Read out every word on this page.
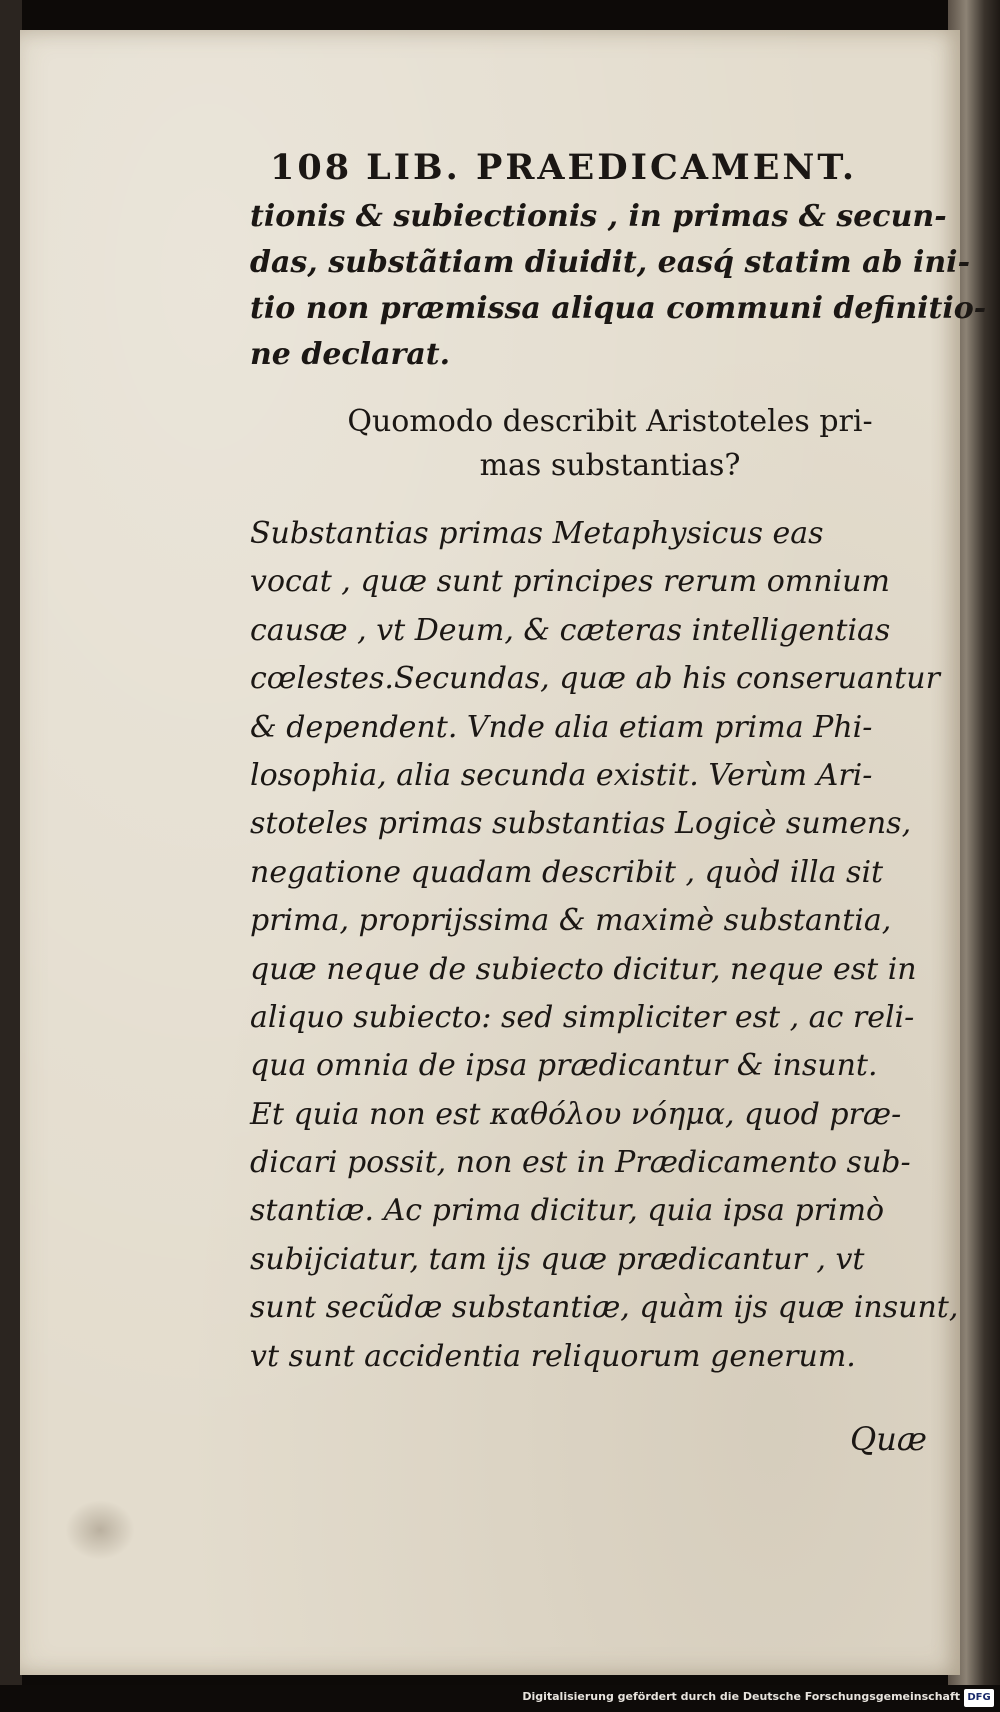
108 LIB. PRAEDICAMENT.
tionis & subiectionis , in primas & secun-
das, substãtiam diuidit, easq́ statim ab ini-
tio non præmissa aliqua communi definitio-
ne declarat.
Quomodo describit Aristoteles pri-
mas substantias?
Substantias primas Metaphysicus eas
vocat , quæ sunt principes rerum omnium
causæ , vt Deum, & cæteras intelligentias
cœlestes.Secundas, quæ ab his conseruantur
& dependent. Vnde alia etiam prima Phi-
losophia, alia secunda existit. Verùm Ari-
stoteles primas substantias Logicè sumens,
negatione quadam describit , quòd illa sit
prima, proprijssima & maximè substantia,
quæ neque de subiecto dicitur, neque est in
aliquo subiecto: sed simpliciter est , ac reli-
qua omnia de ipsa prædicantur & insunt.
Et quia non est καθόλου νόημα, quod præ-
dicari possit, non est in Prædicamento sub-
stantiæ. Ac prima dicitur, quia ipsa primò
subijciatur, tam ijs quæ prædicantur , vt
sunt secũdæ substantiæ, quàm ijs quæ insunt,
vt sunt accidentia reliquorum generum.
Quæ
Digitalisierung gefördert durch die Deutsche Forschungsgemeinschaft DFG
